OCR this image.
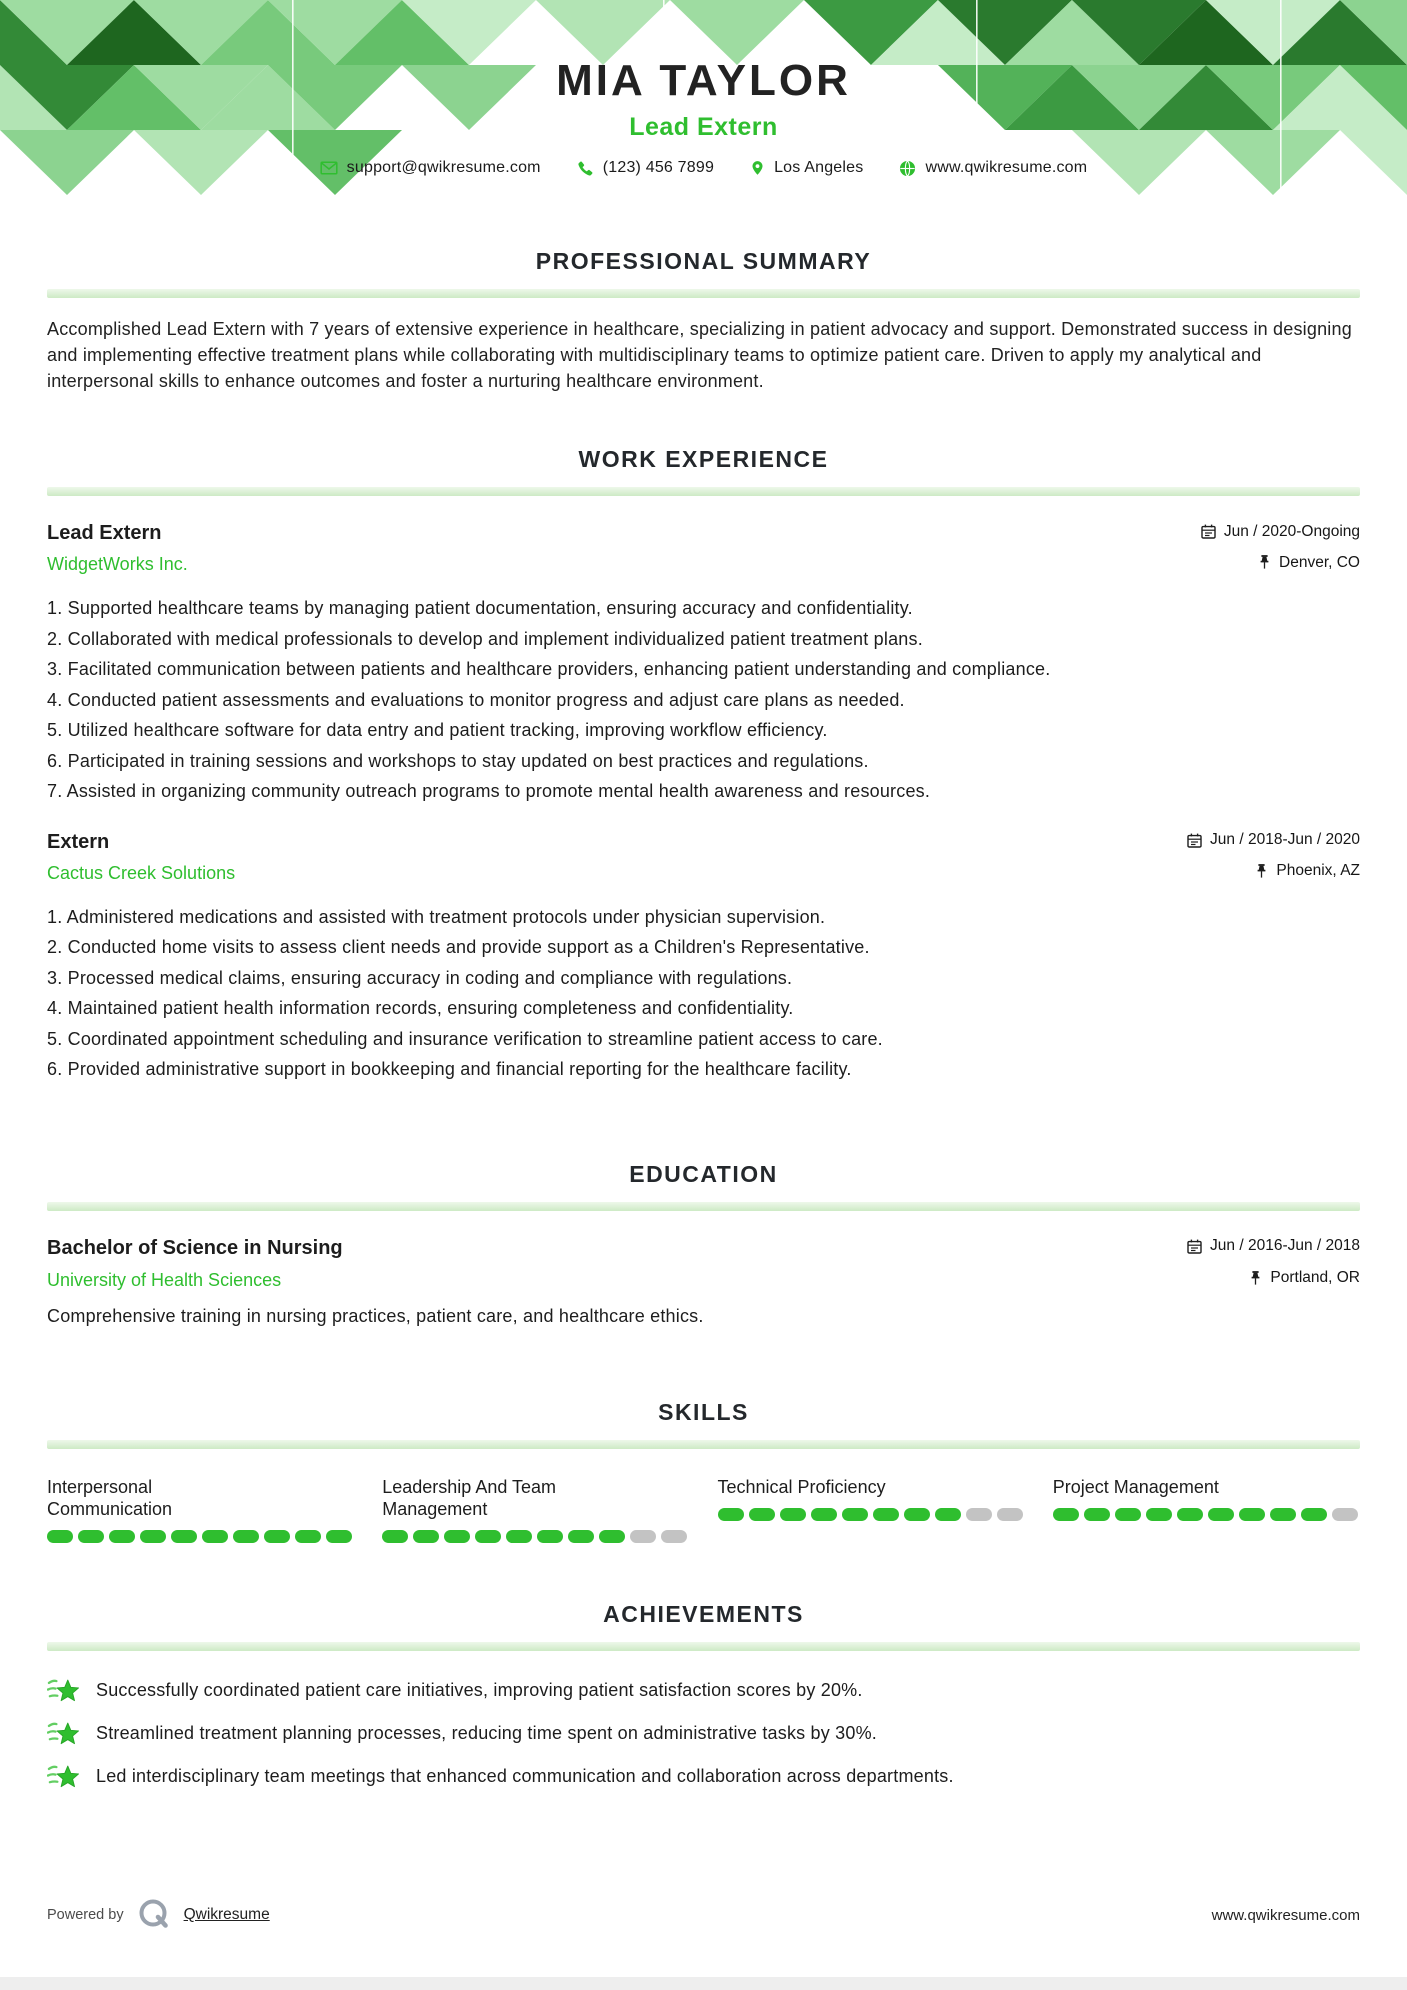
MIA TAYLOR
Lead Extern
support@qwikresume.com	(123) 456 7899	Los Angeles	www.qwikresume.com
PROFESSIONAL SUMMARY

Accomplished Lead Extern with 7 years of extensive experience in healthcare, specializing in patient advocacy and support. Demonstrated success in designing and implementing effective treatment plans while collaborating with multidisciplinary teams to optimize patient care. Driven to apply my analytical and interpersonal skills to enhance outcomes and foster a nurturing healthcare environment.

WORK EXPERIENCE
Lead Extern	Jun / 2020-Ongoing
WidgetWorks Inc.	Denver, CO
Supported healthcare teams by managing patient documentation, ensuring accuracy and confidentiality.
Collaborated with medical professionals to develop and implement individualized patient treatment plans.
Facilitated communication between patients and healthcare providers, enhancing patient understanding and compliance.
Conducted patient assessments and evaluations to monitor progress and adjust care plans as needed.
Utilized healthcare software for data entry and patient tracking, improving workflow efficiency.
Participated in training sessions and workshops to stay updated on best practices and regulations.
Assisted in organizing community outreach programs to promote mental health awareness and resources.
Extern	Jun / 2018-Jun / 2020
Cactus Creek Solutions	Phoenix, AZ
Administered medications and assisted with treatment protocols under physician supervision.
Conducted home visits to assess client needs and provide support as a Children's Representative.
Processed medical claims, ensuring accuracy in coding and compliance with regulations.
Maintained patient health information records, ensuring completeness and confidentiality.
Coordinated appointment scheduling and insurance verification to streamline patient access to care.
Provided administrative support in bookkeeping and financial reporting for the healthcare facility.
EDUCATION
Bachelor of Science in Nursing	Jun / 2016-Jun / 2018
University of Health Sciences	Portland, OR

Comprehensive training in nursing practices, patient care, and healthcare ethics.

SKILLS
Interpersonal Communication
Leadership And Team Management
Technical Proficiency	Project Management
ACHIEVEMENTS

Successfully coordinated patient care initiatives, improving patient satisfaction scores by 20%.

Streamlined treatment planning processes, reducing time spent on administrative tasks by 30%.

Led interdisciplinary team meetings that enhanced communication and collaboration across departments.

Powered by	Qwikresume	www.qwikresume.com
